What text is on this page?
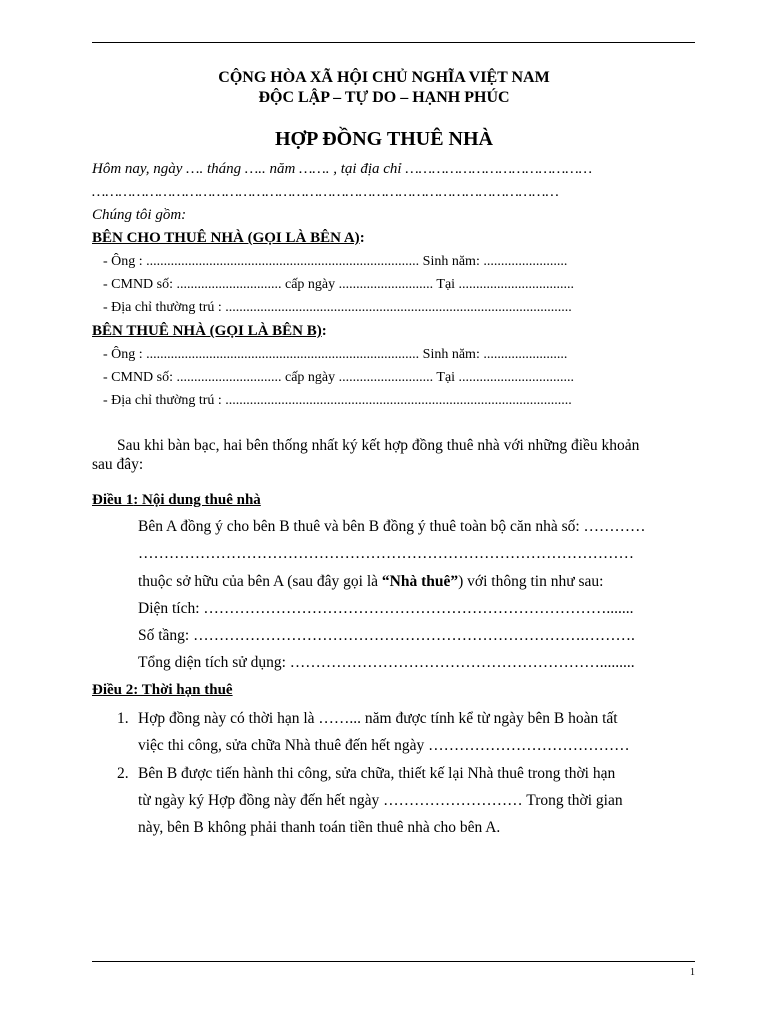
CỘNG HÒA XÃ HỘI CHỦ NGHĨA VIỆT NAM
ĐỘC LẬP – TỰ DO – HẠNH PHÚC
HỢP ĐỒNG THUÊ NHÀ
Hôm nay, ngày …. tháng ….. năm ……. , tại địa chỉ ……………………………………
……………………………………………………………………………………………
Chúng tôi gồm:
BÊN CHO THUÊ NHÀ (GỌI LÀ BÊN A):
- Ông : .............................................................................. Sinh năm: ........................
- CMND số: .............................. cấp ngày ........................... Tại .................................
- Địa chỉ thường trú : ...................................................................................................
BÊN THUÊ NHÀ (GỌI LÀ BÊN B):
- Ông : .............................................................................. Sinh năm: ........................
- CMND số: .............................. cấp ngày ........................... Tại .................................
- Địa chỉ thường trú : ...................................................................................................
Sau khi bàn bạc, hai bên thống nhất ký kết hợp đồng thuê nhà với những điều khoản
sau đây:
Điều 1: Nội dung thuê nhà
Bên A đồng ý cho bên B thuê và bên B đồng ý thuê toàn bộ căn nhà số: …………
……………………………………………………………………………………
thuộc sở hữu của bên A (sau đây gọi là “Nhà thuê”) với thông tin như sau:
Diện tích: …………………………………………………………………….......
Số tầng: ………………………………………………………………….……….
Tổng diện tích sử dụng: …………………………………………………….........
Điều 2: Thời hạn thuê
1. Hợp đồng này có thời hạn là ……... năm được tính kể từ ngày bên B hoàn tất
việc thi công, sửa chữa Nhà thuê đến hết ngày …………………………………
2. Bên B được tiến hành thi công, sửa chữa, thiết kế lại Nhà thuê trong thời hạn
từ ngày ký Hợp đồng này đến hết ngày ……………………… Trong thời gian
này, bên B không phải thanh toán tiền thuê nhà cho bên A.
1
